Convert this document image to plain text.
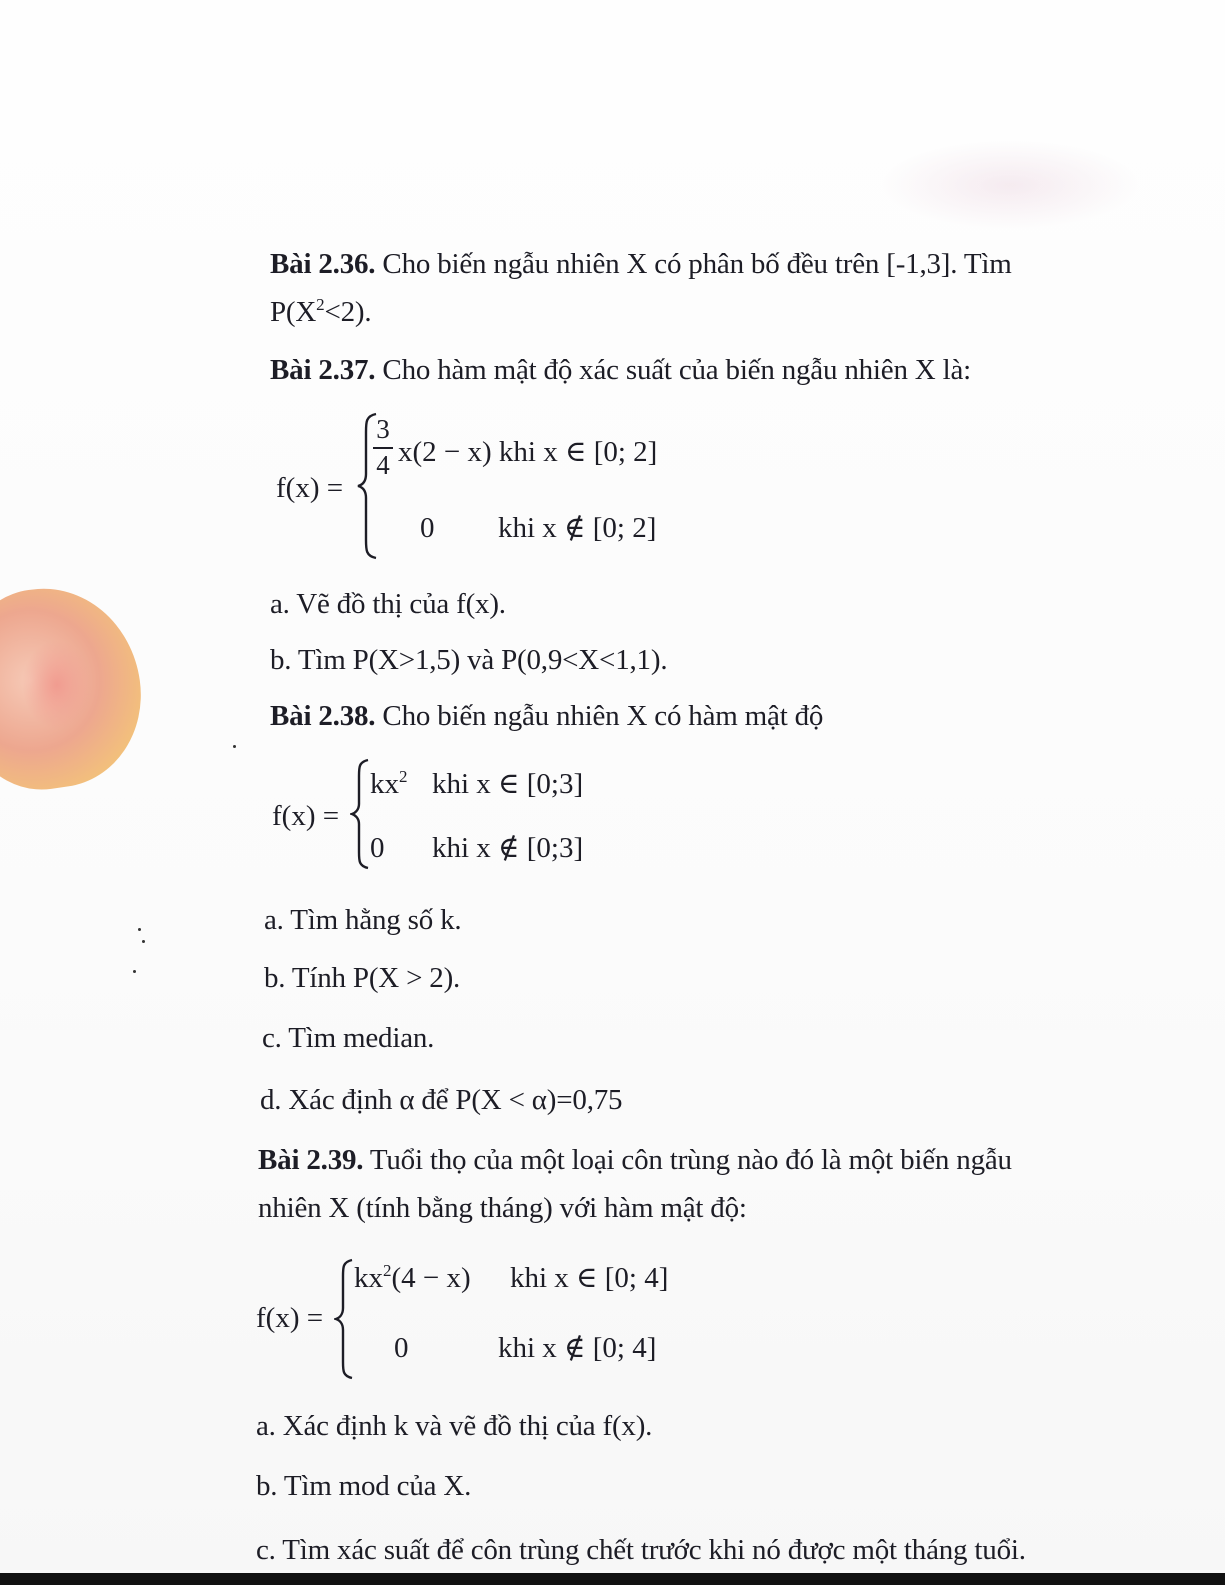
Bài 2.36. Cho biến ngẫu nhiên X có phân bố đều trên [-1,3]. Tìm
$P(X^2<2)$.
Bài 2.37. Cho hàm mật độ xác suất của biến ngẫu nhiên X là:
f(x) =
3
4 x(2 − x) khi x ∈ [0; 2]
0 khi x ∉ [0; 2]
a. Vẽ đồ thị của f(x).
b. Tìm P(X>1,5) và P(0,9<X<1,1).
Bài 2.38. Cho biến ngẫu nhiên X có hàm mật độ
f(x) =
$kx^2$ khi x ∈ [0;3]
0 khi x ∉ [0;3]
a. Tìm hằng số k.
b. Tính P(X > 2).
c. Tìm median.
d. Xác định α để P(X < α)=0,75
Bài 2.39. Tuổi thọ của một loại côn trùng nào đó là một biến ngẫu
nhiên X (tính bằng tháng) với hàm mật độ:
f(x) =
$kx^2(4 - x)$ khi x ∈ [0; 4]
0	khi x ∉ [0; 4]
a. Xác định k và vẽ đồ thị của f(x).
b. Tìm mod của X.
c. Tìm xác suất để côn trùng chết trước khi nó được một tháng tuổi.
